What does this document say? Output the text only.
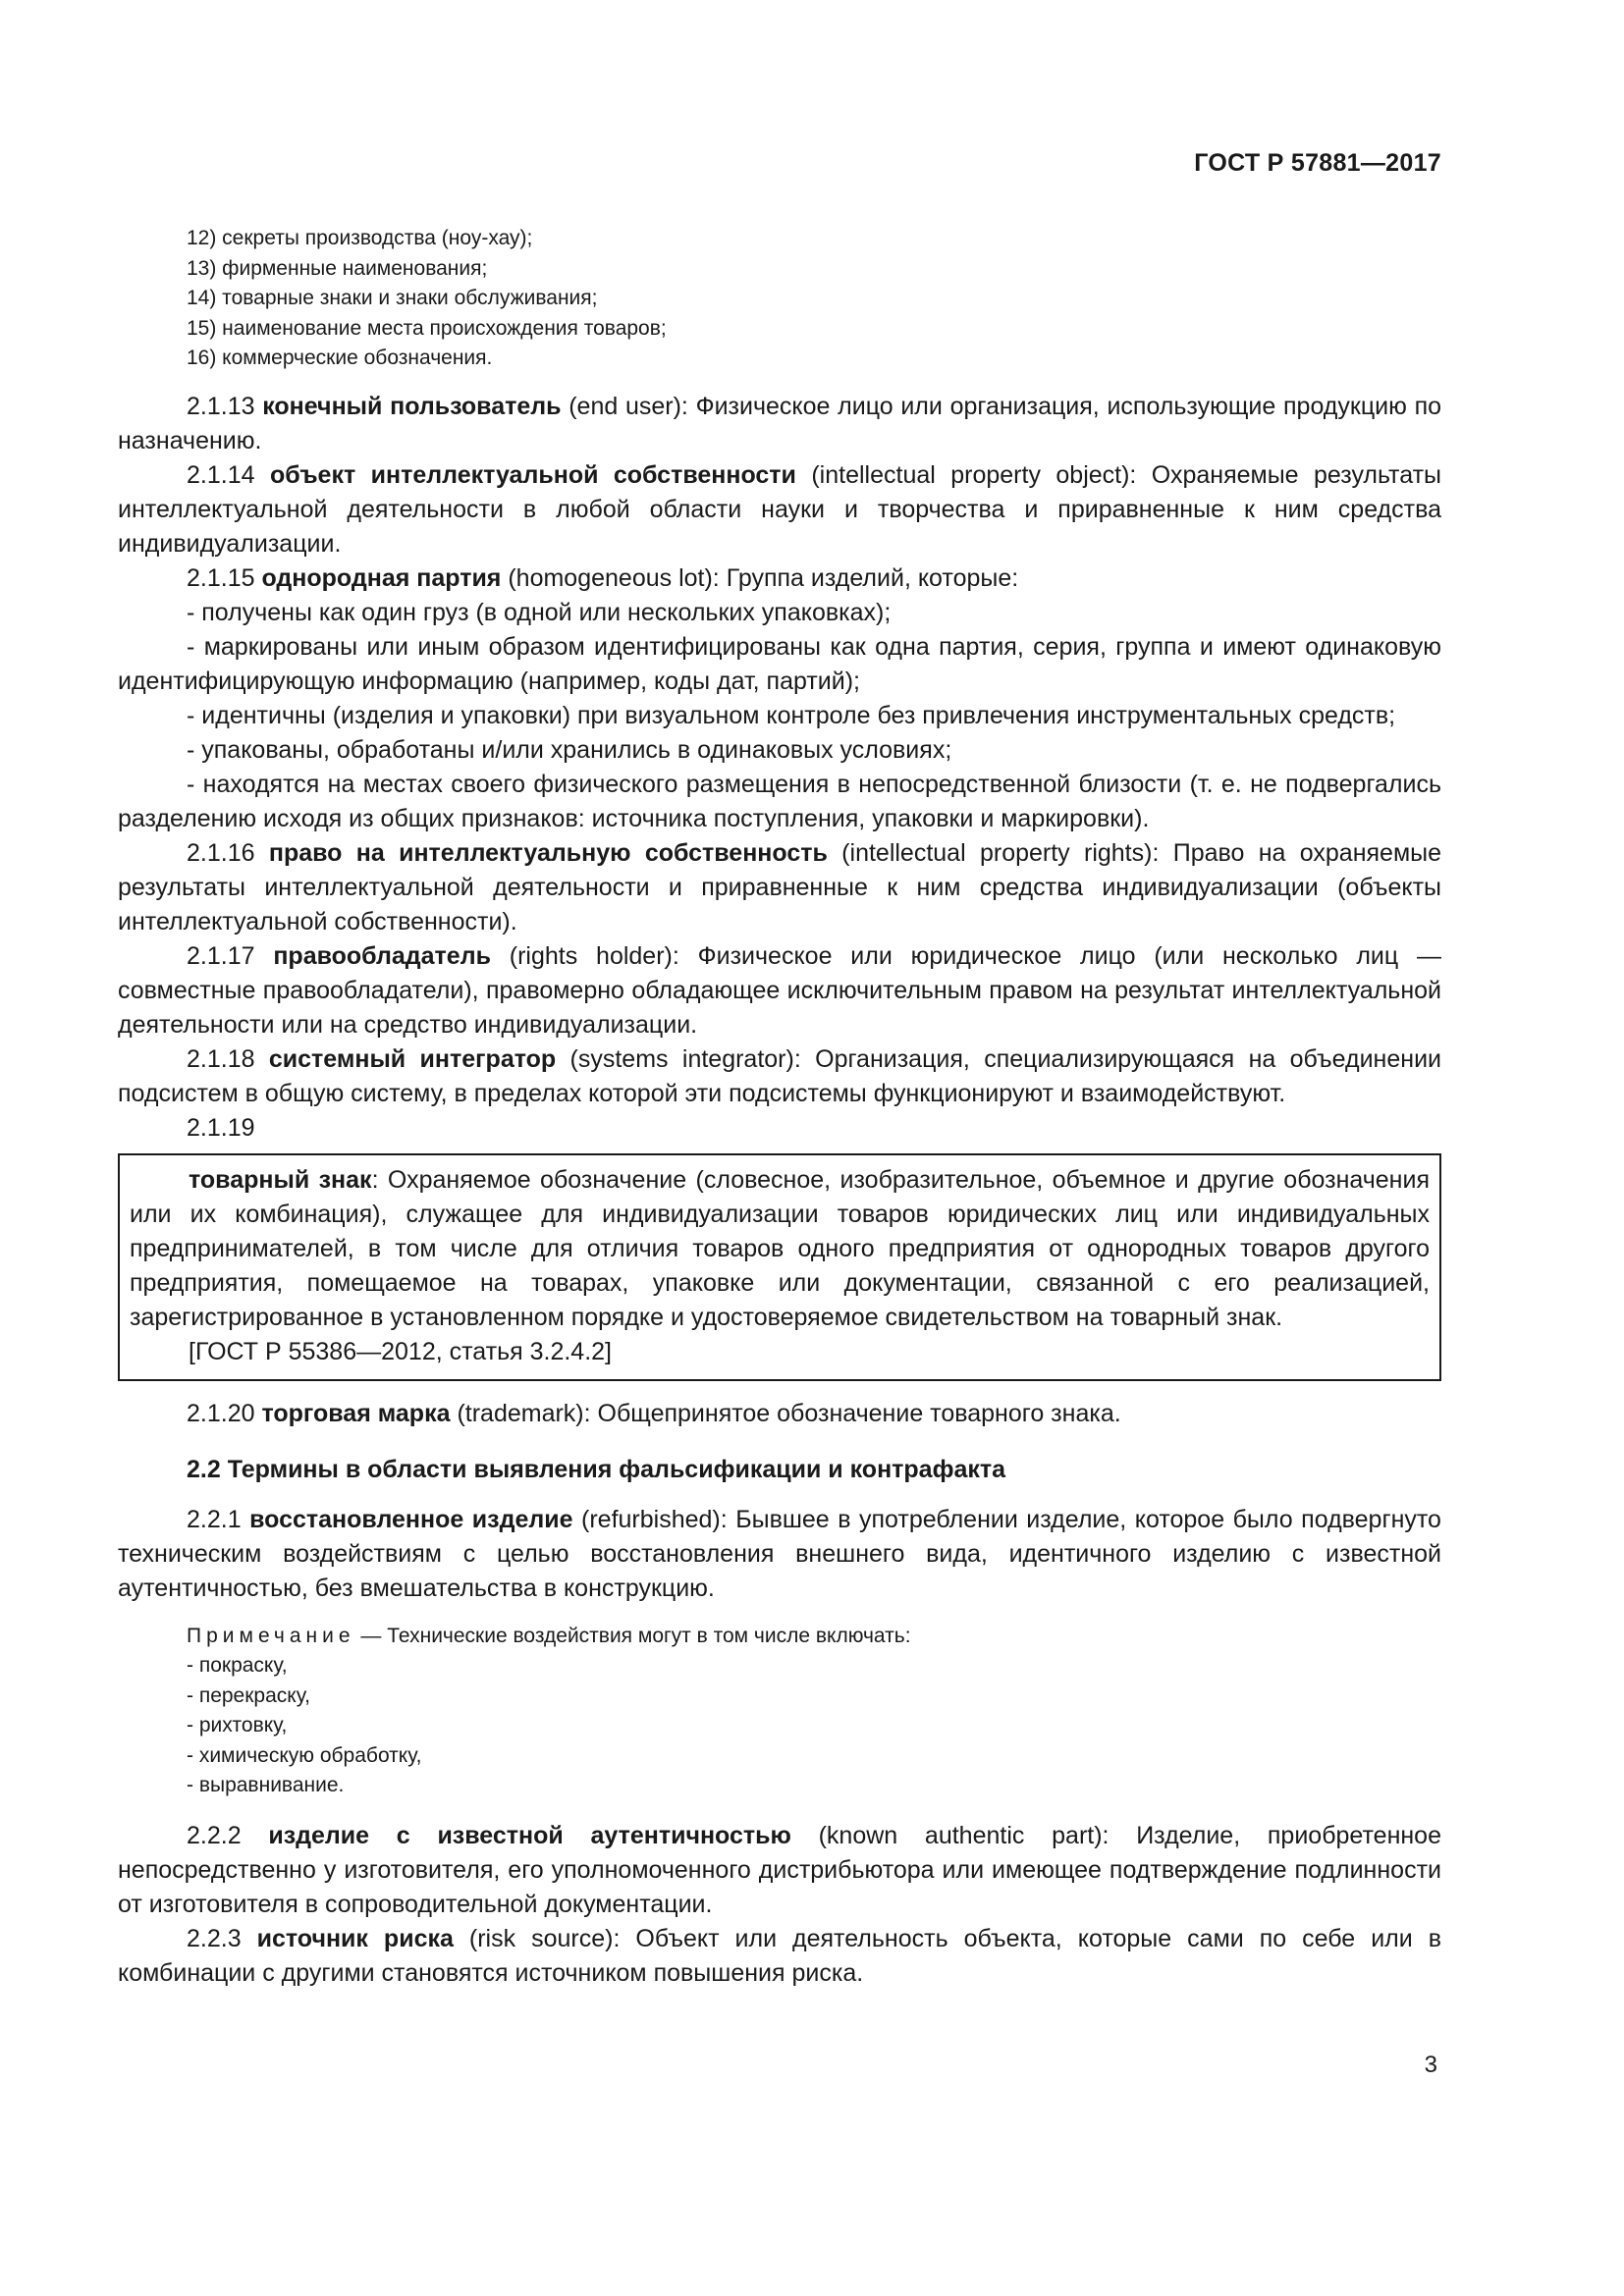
ГОСТ Р 57881—2017
12) секреты производства (ноу-хау);
13) фирменные наименования;
14) товарные знаки и знаки обслуживания;
15) наименование места происхождения товаров;
16) коммерческие обозначения.

2.1.13 конечный пользователь (end user): Физическое лицо или организация, использующие продукцию по назначению.

2.1.14 объект интеллектуальной собственности (intellectual property object): Охраняемые результаты интеллектуальной деятельности в любой области науки и творчества и приравненные к ним средства индивидуализации.

2.1.15 однородная партия (homogeneous lot): Группа изделий, которые:

- получены как один груз (в одной или нескольких упаковках);

- маркированы или иным образом идентифицированы как одна партия, серия, группа и имеют одинаковую идентифицирующую информацию (например, коды дат, партий);

- идентичны (изделия и упаковки) при визуальном контроле без привлечения инструментальных средств;

- упакованы, обработаны и/или хранились в одинаковых условиях;

- находятся на местах своего физического размещения в непосредственной близости (т. е. не подвергались разделению исходя из общих признаков: источника поступления, упаковки и маркировки).

2.1.16 право на интеллектуальную собственность (intellectual property rights): Право на охраняемые результаты интеллектуальной деятельности и приравненные к ним средства индивидуализации (объекты интеллектуальной собственности).

2.1.17 правообладатель (rights holder): Физическое или юридическое лицо (или несколько лиц — совместные правообладатели), правомерно обладающее исключительным правом на результат интеллектуальной деятельности или на средство индивидуализации.

2.1.18 системный интегратор (systems integrator): Организация, специализирующаяся на объединении подсистем в общую систему, в пределах которой эти подсистемы функционируют и взаимодействуют.

2.1.19

товарный знак: Охраняемое обозначение (словесное, изобразительное, объемное и другие обозначения или их комбинация), служащее для индивидуализации товаров юридических лиц или индивидуальных предпринимателей, в том числе для отличия товаров одного предприятия от однородных товаров другого предприятия, помещаемое на товарах, упаковке или документации, связанной с его реализацией, зарегистрированное в установленном порядке и удостоверяемое свидетельством на товарный знак.

[ГОСТ Р 55386—2012, статья 3.2.4.2]

2.1.20 торговая марка (trademark): Общепринятое обозначение товарного знака.

2.2 Термины в области выявления фальсификации и контрафакта

2.2.1 восстановленное изделие (refurbished): Бывшее в употреблении изделие, которое было подвергнуто техническим воздействиям с целью восстановления внешнего вида, идентичного изделию с известной аутентичностью, без вмешательства в конструкцию.

Примечание — Технические воздействия могут в том числе включать:
- покраску,
- перекраску,
- рихтовку,
- химическую обработку,
- выравнивание.

2.2.2 изделие с известной аутентичностью (known authentic part): Изделие, приобретенное непосредственно у изготовителя, его уполномоченного дистрибьютора или имеющее подтверждение подлинности от изготовителя в сопроводительной документации.

2.2.3 источник риска (risk source): Объект или деятельность объекта, которые сами по себе или в комбинации с другими становятся источником повышения риска.

3
